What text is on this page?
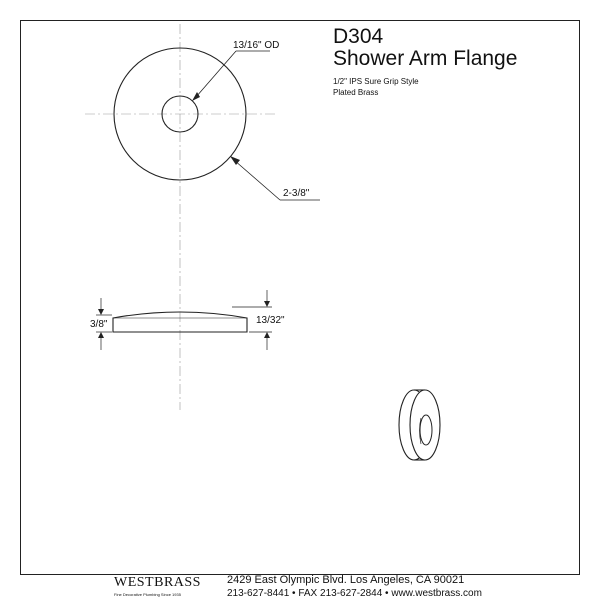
D304
Shower Arm Flange
1/2" IPS Sure Grip Style
Plated Brass
13/16" OD
2-3/8"
3/8"	13/32"
WESTBRASS
Fine Decorative Plumbing Since 1935
2429 East Olympic Blvd. Los Angeles, CA 90021
213-627-8441 • FAX 213-627-2844 • www.westbrass.com
